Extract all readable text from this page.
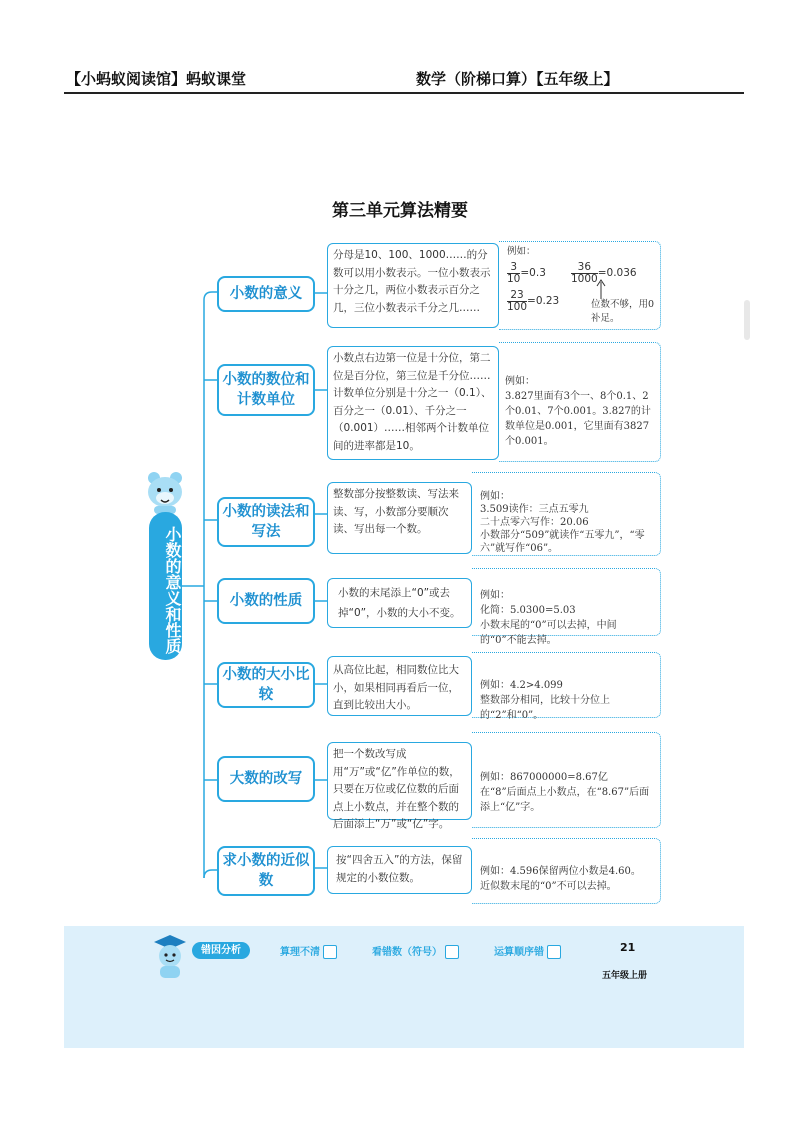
【小蚂蚁阅读馆】蚂蚁课堂	数学（阶梯口算）【五年级上】
第三单元算法精要
小数的意义和性质
小数的意义
分母是10、100、1000……的分数可以用小数表示。一位小数表示十分之几，两位小数表示百分之几，三位小数表示千分之几……
例如：
$\frac{3}{10} =0.3 \frac{36}{1000} =0.036$
$\frac{23}{100} =0.23$	位数不够，用0补足。
小数的数位和计数单位
小数点右边第一位是十分位，第二位是百分位，第三位是千分位……计数单位分别是十分之一（0.1）、百分之一（0.01）、千分之一（0.001）……相邻两个计数单位间的进率都是10。

例如：
3.827里面有3个一、8个0.1、2个0.01、7个0.001。3.827的计数单位是0.001，它里面有3827个0.001。

小数的读法和写法
整数部分按整数读、写法来读、写，小数部分要顺次读、写出每一个数。

例如：
3.509读作：三点五零九
二十点零六写作：20.06
小数部分“509”就读作“五零九”，“零六”就写作“06”。

小数的性质	小数的末尾添上“0”或去掉“0”，小数的大小不变。

例如：
化简：5.0300=5.03
小数末尾的“0”可以去掉，中间的“0”不能去掉。

小数的大小比较
从高位比起，相同数位比大小，如果相同再看后一位，直到比较出大小。

例如：4.2>4.099
整数部分相同，比较十分位上的“2”和“0”。

大数的改写
把一个数改写成用“万”或“亿”作单位的数，只要在万位或亿位数的后面点上小数点，并在整个数的后面添上“万”或“亿”字。

例如：867000000=8.67亿
在“8”后面点上小数点，在“8.67”后面添上“亿”字。

求小数的近似数
按“四舍五入”的方法，保留规定的小数位数。	例如：4.596保留两位小数是4.60。
近似数末尾的“0”不可以去掉。

错因分析	算理不清	看错数（符号）	运算顺序错	21
五年级上册
